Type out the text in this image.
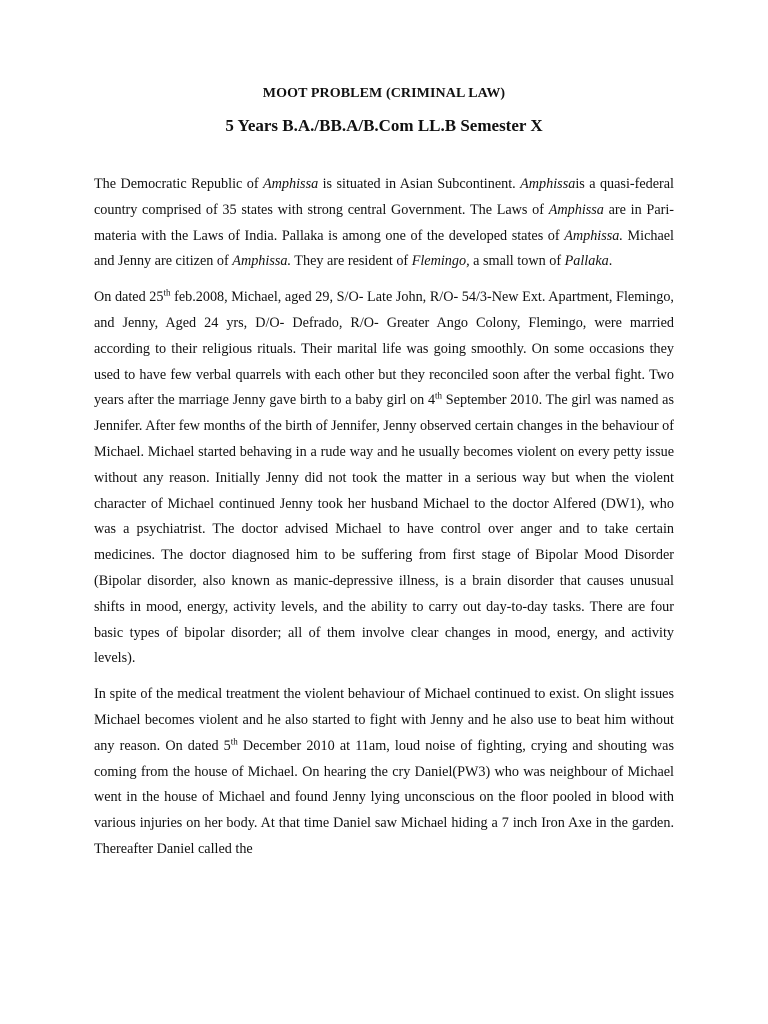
MOOT PROBLEM (CRIMINAL LAW)
5 Years B.A./BB.A/B.Com LL.B Semester X

The Democratic Republic of Amphissa is situated in Asian Subcontinent. Amphissais a quasi-federal country comprised of 35 states with strong central Government. The Laws of Amphissa are in Pari-materia with the Laws of India. Pallaka is among one of the developed states of Amphissa. Michael and Jenny are citizen of Amphissa. They are resident of Flemingo, a small town of Pallaka.

On dated 25th feb.2008, Michael, aged 29, S/O- Late John, R/O- 54/3-New Ext. Apartment, Flemingo, and Jenny, Aged 24 yrs, D/O- Defrado, R/O- Greater Ango Colony, Flemingo, were married according to their religious rituals. Their marital life was going smoothly. On some occasions they used to have few verbal quarrels with each other but they reconciled soon after the verbal fight. Two years after the marriage Jenny gave birth to a baby girl on 4th September 2010. The girl was named as Jennifer. After few months of the birth of Jennifer, Jenny observed certain changes in the behaviour of Michael. Michael started behaving in a rude way and he usually becomes violent on every petty issue without any reason. Initially Jenny did not took the matter in a serious way but when the violent character of Michael continued Jenny took her husband Michael to the doctor Alfered (DW1), who was a psychiatrist. The doctor advised Michael to have control over anger and to take certain medicines. The doctor diagnosed him to be suffering from first stage of Bipolar Mood Disorder (Bipolar disorder, also known as manic-depressive illness, is a brain disorder that causes unusual shifts in mood, energy, activity levels, and the ability to carry out day-to-day tasks. There are four basic types of bipolar disorder; all of them involve clear changes in mood, energy, and activity levels).

In spite of the medical treatment the violent behaviour of Michael continued to exist. On slight issues Michael becomes violent and he also started to fight with Jenny and he also use to beat him without any reason. On dated 5th December 2010 at 11am, loud noise of fighting, crying and shouting was coming from the house of Michael. On hearing the cry Daniel(PW3) who was neighbour of Michael went in the house of Michael and found Jenny lying unconscious on the floor pooled in blood with various injuries on her body. At that time Daniel saw Michael hiding a 7 inch Iron Axe in the garden. Thereafter Daniel called the
